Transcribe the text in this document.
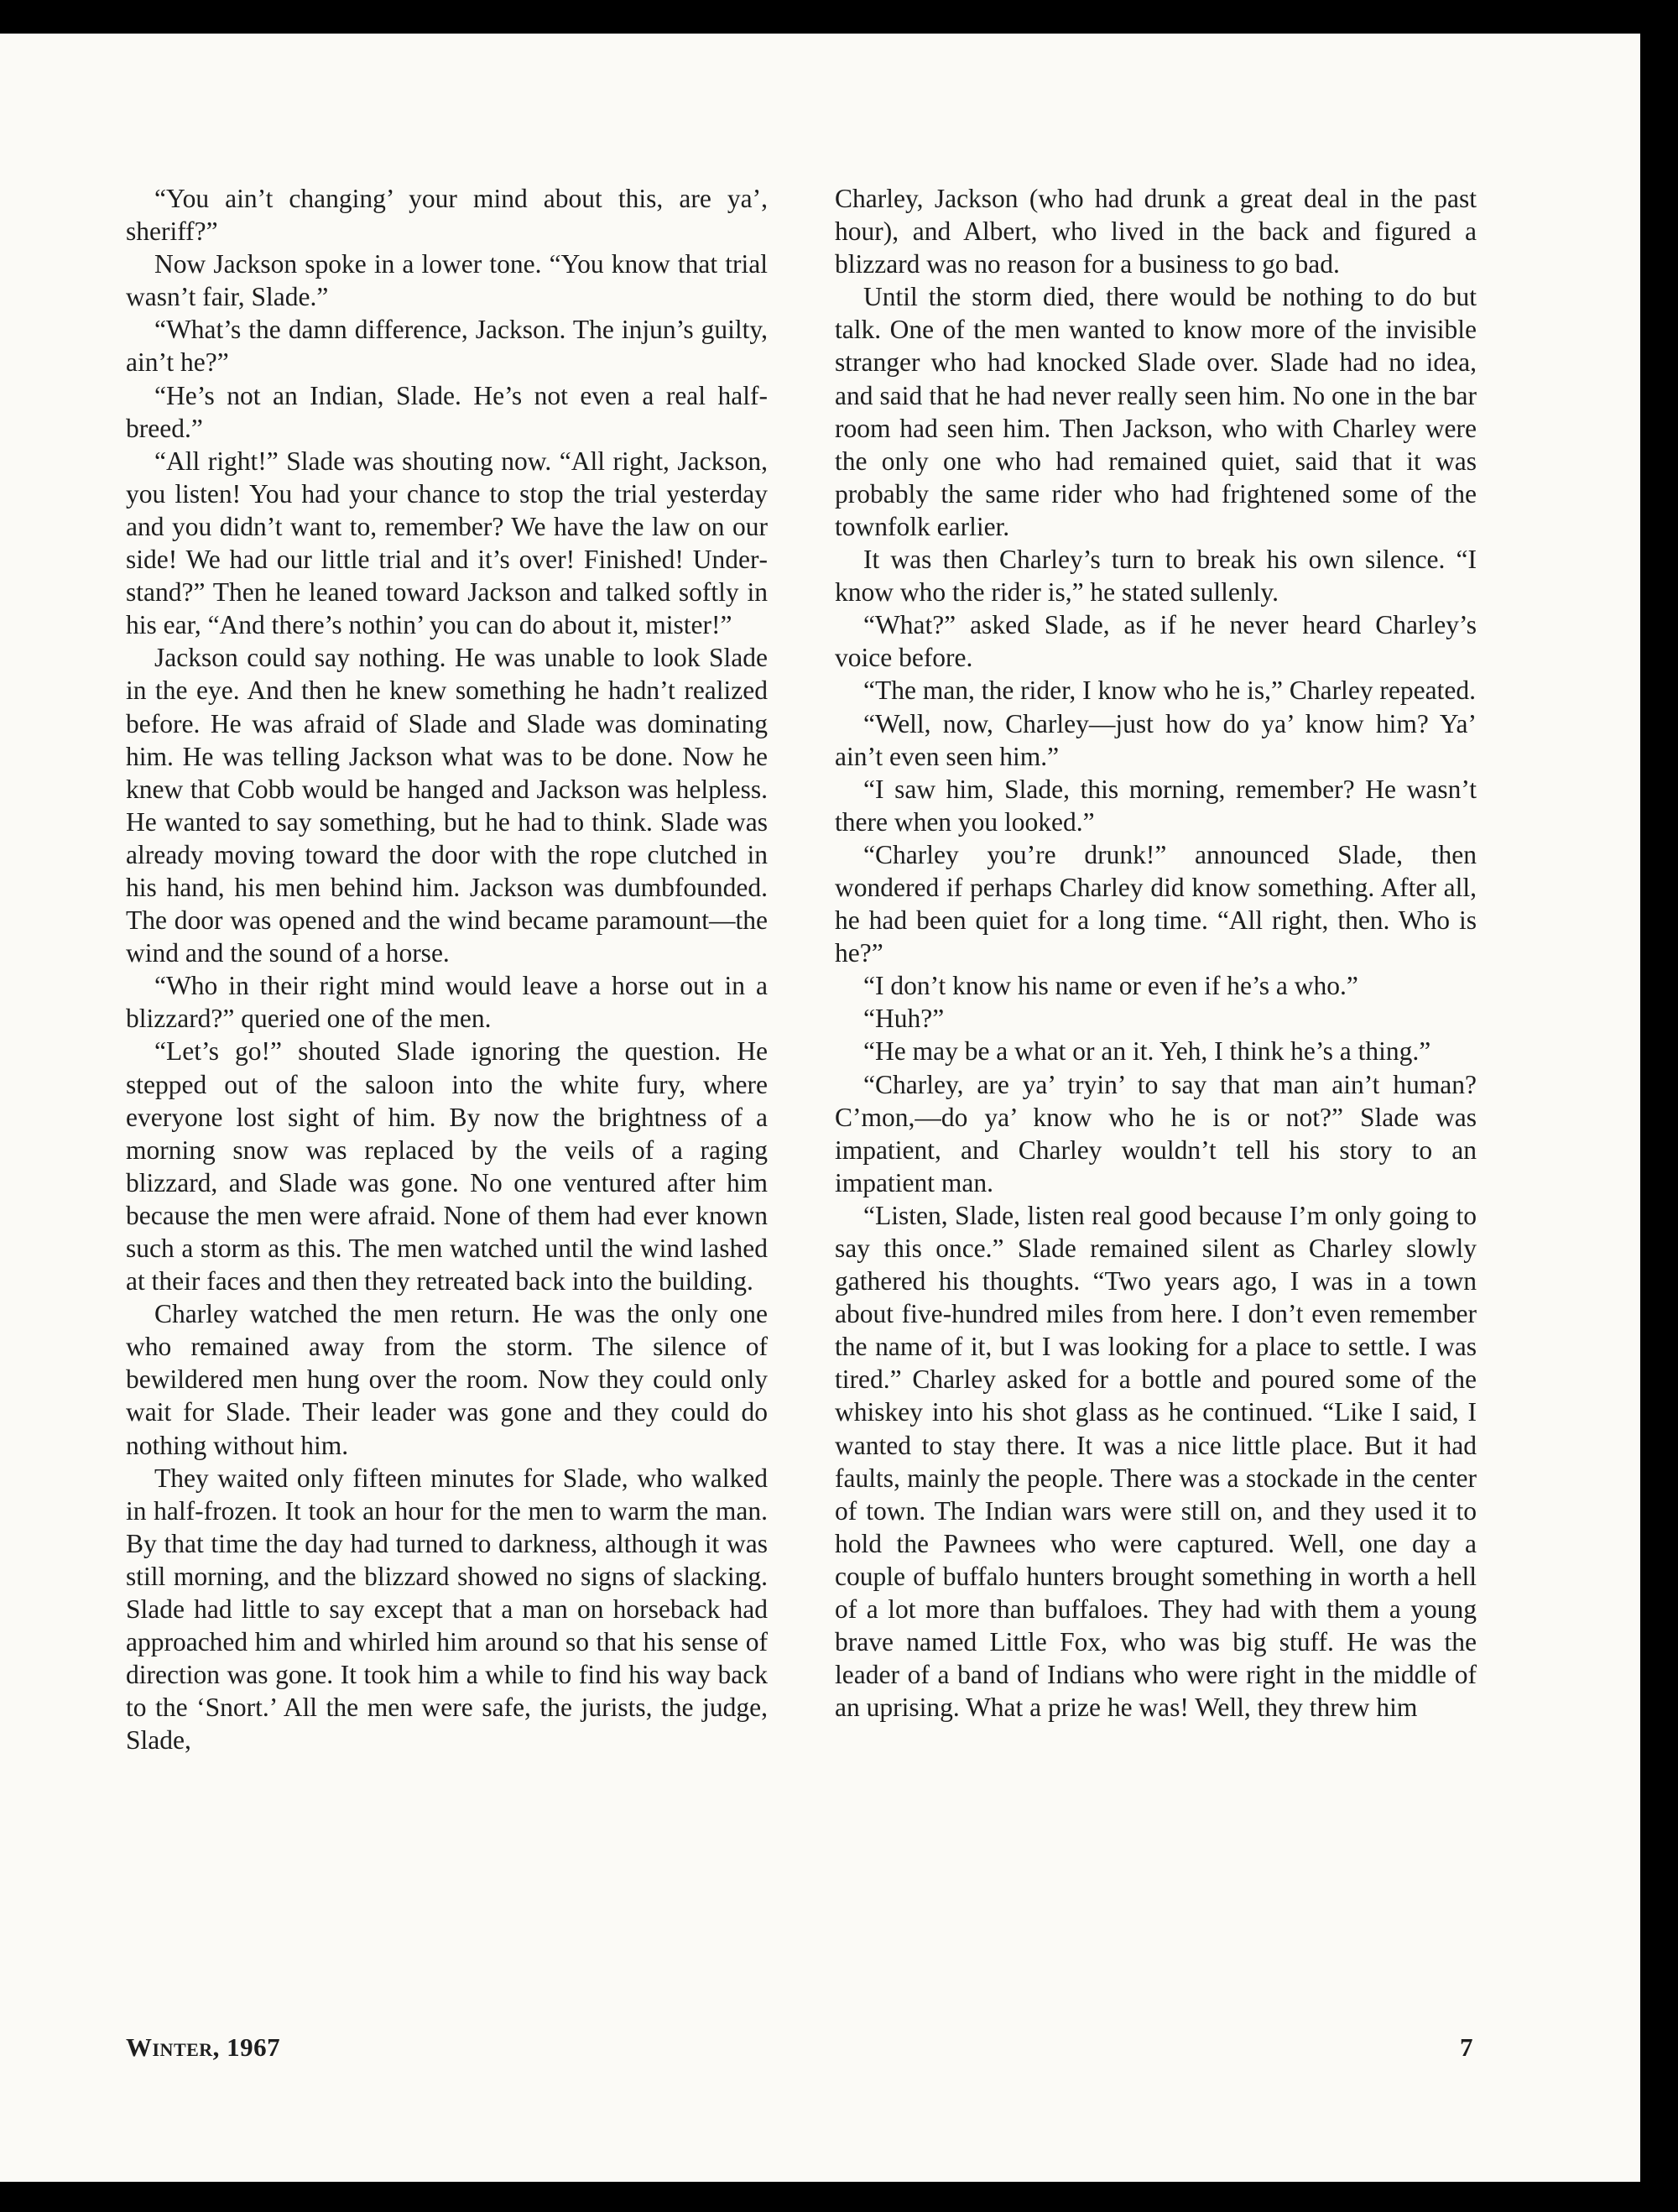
“You ain’t changing’ your mind about this, are ya’, sheriff?”

Now Jackson spoke in a lower tone. “You know that trial wasn’t fair, Slade.”

“What’s the damn difference, Jackson. The injun’s guilty, ain’t he?”

“He’s not an Indian, Slade. He’s not even a real half-breed.”

“All right!” Slade was shouting now. “All right, Jackson, you listen! You had your chance to stop the trial yesterday and you didn’t want to, remember? We have the law on our side! We had our little trial and it’s over! Finished! Understand?” Then he leaned toward Jackson and talked softly in his ear, “And there’s nothin’ you can do about it, mister!”

Jackson could say nothing. He was unable to look Slade in the eye. And then he knew something he hadn’t realized before. He was afraid of Slade and Slade was dominating him. He was telling Jackson what was to be done. Now he knew that Cobb would be hanged and Jackson was helpless. He wanted to say something, but he had to think. Slade was already moving toward the door with the rope clutched in his hand, his men behind him. Jackson was dumbfounded. The door was opened and the wind became paramount—the wind and the sound of a horse.

“Who in their right mind would leave a horse out in a blizzard?” queried one of the men.

“Let’s go!” shouted Slade ignoring the question. He stepped out of the saloon into the white fury, where everyone lost sight of him. By now the brightness of a morning snow was replaced by the veils of a raging blizzard, and Slade was gone. No one ventured after him because the men were afraid. None of them had ever known such a storm as this. The men watched until the wind lashed at their faces and then they retreated back into the building.

Charley watched the men return. He was the only one who remained away from the storm. The silence of bewildered men hung over the room. Now they could only wait for Slade. Their leader was gone and they could do nothing without him.

They waited only fifteen minutes for Slade, who walked in half-frozen. It took an hour for the men to warm the man. By that time the day had turned to darkness, although it was still morning, and the blizzard showed no signs of slacking. Slade had little to say except that a man on horseback had approached him and whirled him around so that his sense of direction was gone. It took him a while to find his way back to the ‘Snort.’ All the men were safe, the jurists, the judge, Slade,

Charley, Jackson (who had drunk a great deal in the past hour), and Albert, who lived in the back and figured a blizzard was no reason for a business to go bad.

Until the storm died, there would be nothing to do but talk. One of the men wanted to know more of the invisible stranger who had knocked Slade over. Slade had no idea, and said that he had never really seen him. No one in the bar room had seen him. Then Jackson, who with Charley were the only one who had remained quiet, said that it was probably the same rider who had frightened some of the townfolk earlier.

It was then Charley’s turn to break his own silence. “I know who the rider is,” he stated sullenly.

“What?” asked Slade, as if he never heard Charley’s voice before.

“The man, the rider, I know who he is,” Charley repeated.

“Well, now, Charley—just how do ya’ know him? Ya’ ain’t even seen him.”

“I saw him, Slade, this morning, remember? He wasn’t there when you looked.”

“Charley you’re drunk!” announced Slade, then wondered if perhaps Charley did know something. After all, he had been quiet for a long time. “All right, then. Who is he?”

“I don’t know his name or even if he’s a who.”

“Huh?”

“He may be a what or an it. Yeh, I think he’s a thing.”

“Charley, are ya’ tryin’ to say that man ain’t human? C’mon,—do ya’ know who he is or not?” Slade was impatient, and Charley wouldn’t tell his story to an impatient man.

“Listen, Slade, listen real good because I’m only going to say this once.” Slade remained silent as Charley slowly gathered his thoughts. “Two years ago, I was in a town about five-hundred miles from here. I don’t even remember the name of it, but I was looking for a place to settle. I was tired.” Charley asked for a bottle and poured some of the whiskey into his shot glass as he continued. “Like I said, I wanted to stay there. It was a nice little place. But it had faults, mainly the people. There was a stockade in the center of town. The Indian wars were still on, and they used it to hold the Pawnees who were captured. Well, one day a couple of buffalo hunters brought something in worth a hell of a lot more than buffaloes. They had with them a young brave named Little Fox, who was big stuff. He was the leader of a band of Indians who were right in the middle of an uprising. What a prize he was! Well, they threw him

Winter, 1967	7
